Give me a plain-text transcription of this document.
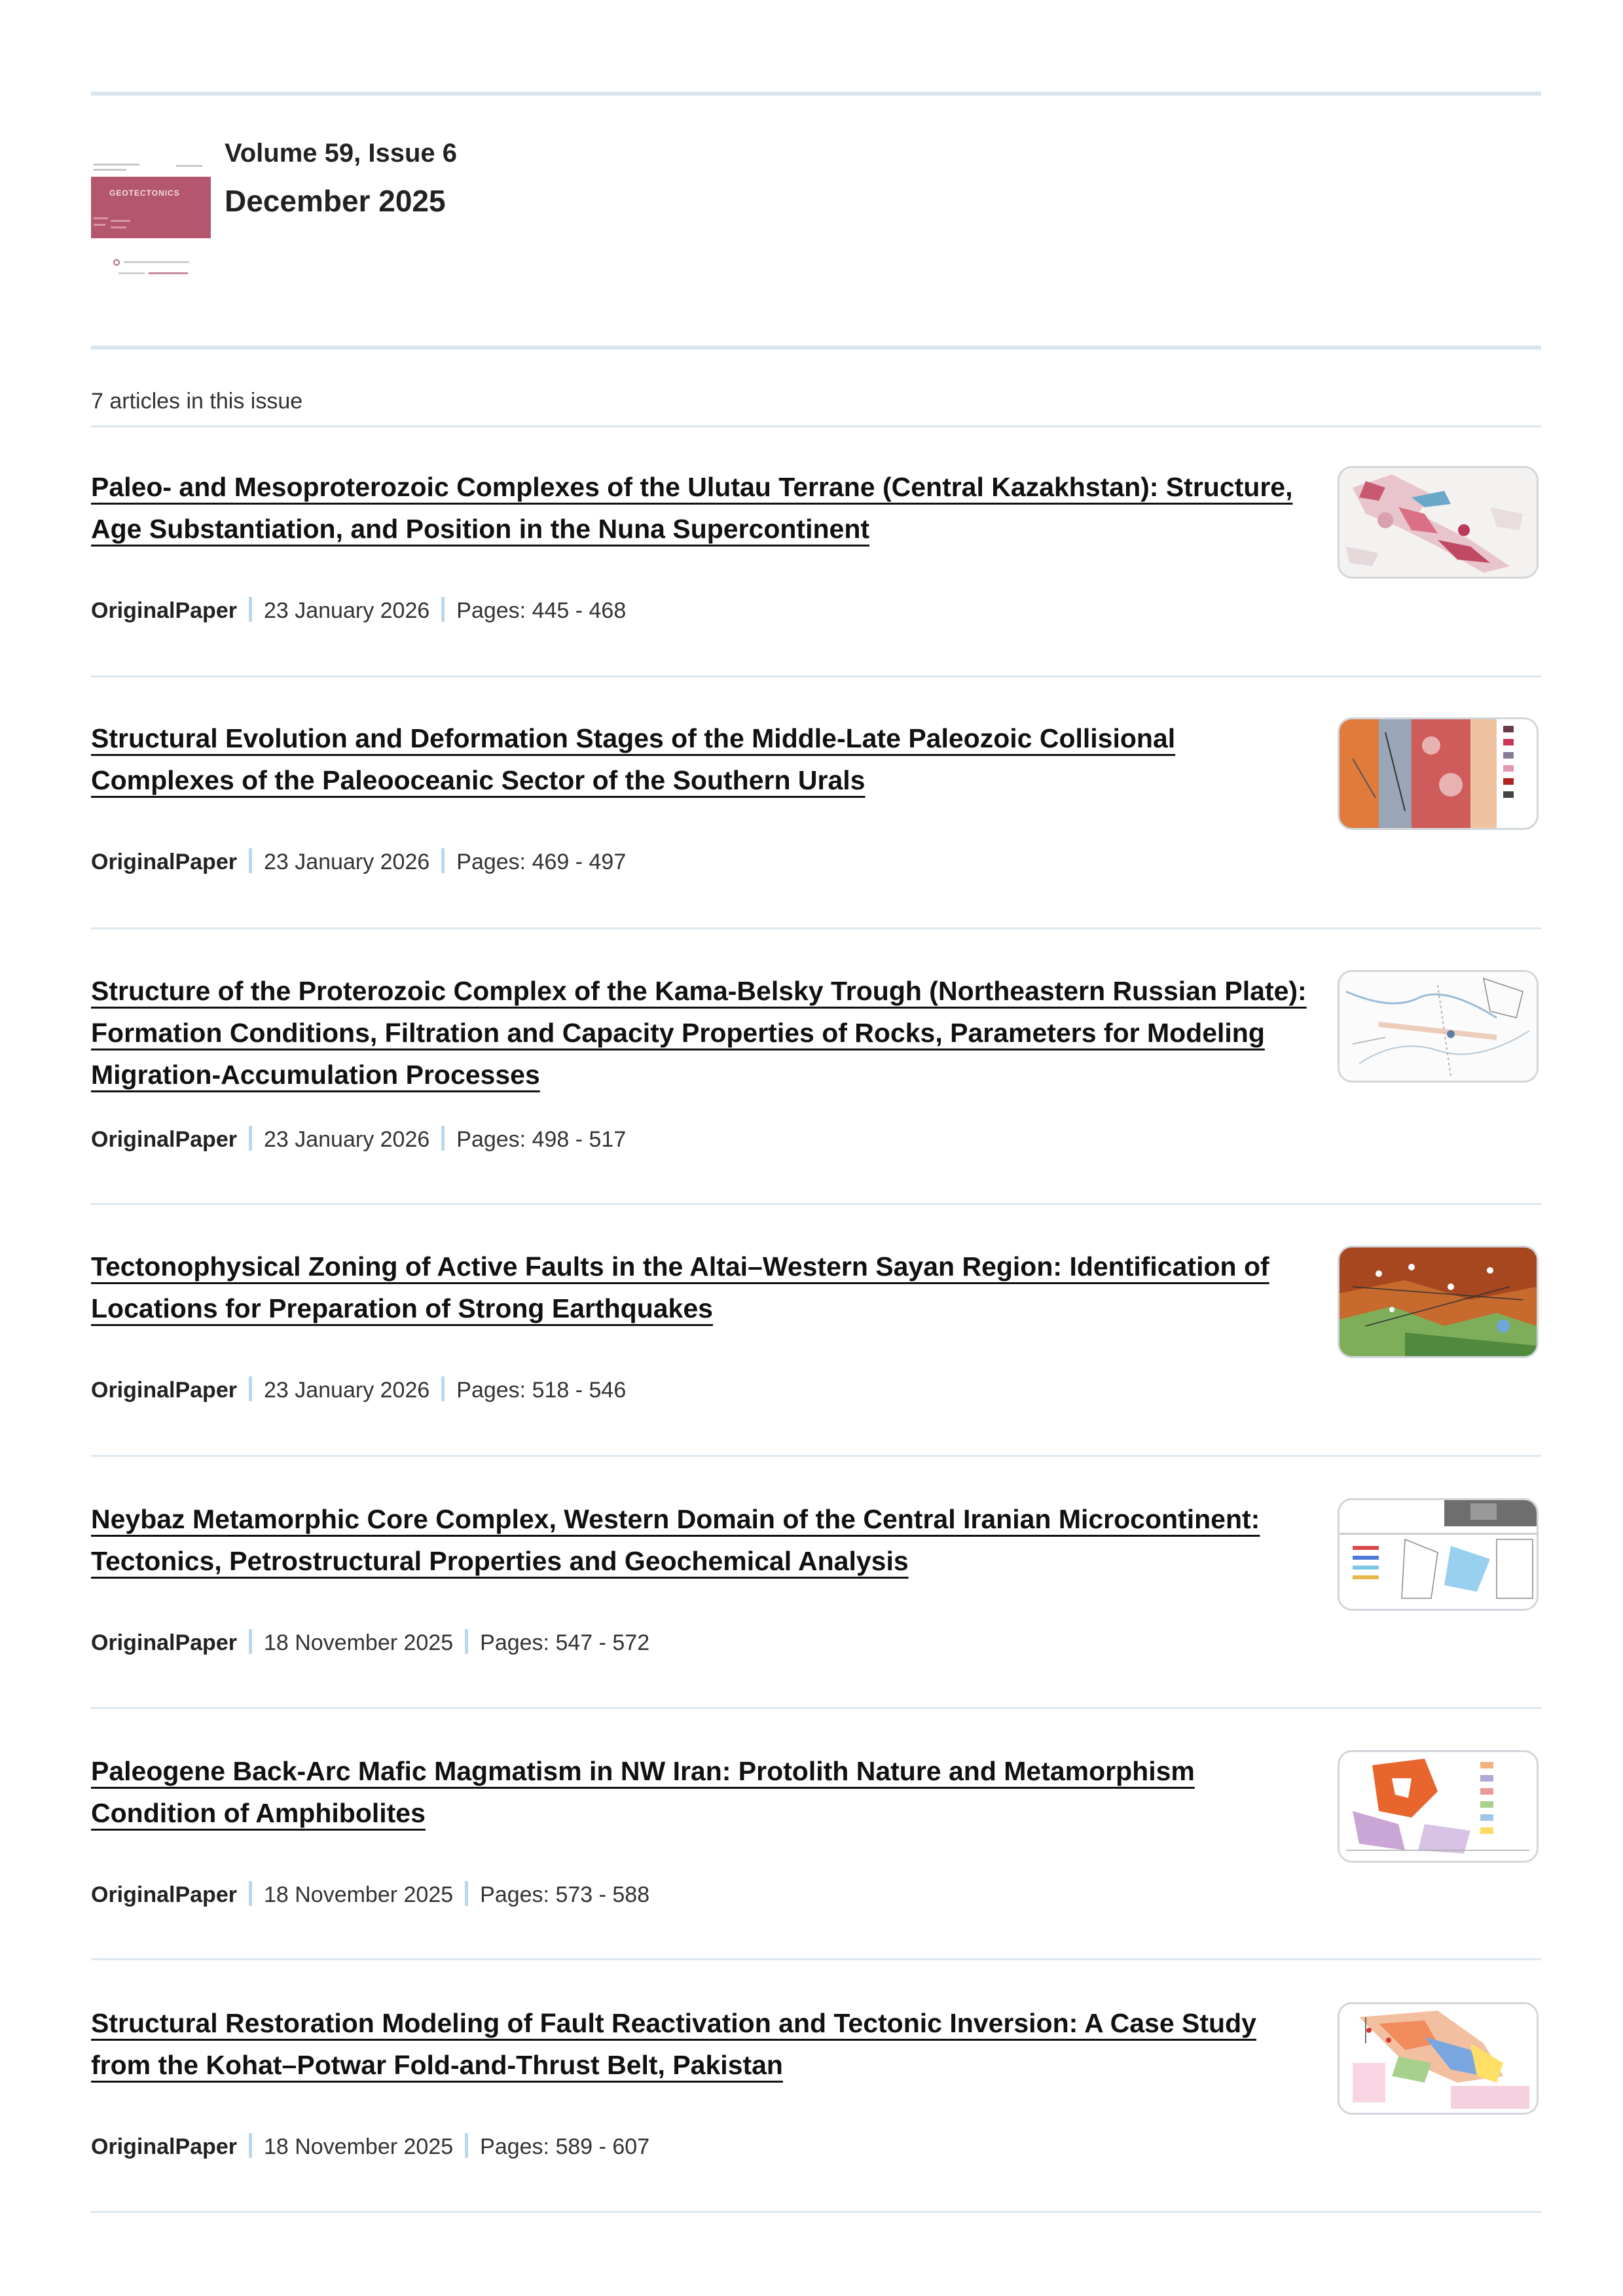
GEOTECTONICS
Volume 59, Issue 6
December 2025
7 articles in this issue
Paleo- and Mesoproterozoic Complexes of the Ulutau Terrane (Central Kazakhstan): Structure, Age Substantiation, and Position in the Nuna Supercontinent
OriginalPaper 23 January 2026 Pages: 445 - 468
Structural Evolution and Deformation Stages of the Middle-Late Paleozoic Collisional Complexes of the Paleooceanic Sector of the Southern Urals
OriginalPaper 23 January 2026 Pages: 469 - 497
Structure of the Proterozoic Complex of the Kama-Belsky Trough (Northeastern Russian Plate): Formation Conditions, Filtration and Capacity Properties of Rocks, Parameters for Modeling Migration-Accumulation Processes
OriginalPaper 23 January 2026 Pages: 498 - 517
Tectonophysical Zoning of Active Faults in the Altai–Western Sayan Region: Identification of Locations for Preparation of Strong Earthquakes
OriginalPaper 23 January 2026 Pages: 518 - 546
Neybaz Metamorphic Core Complex, Western Domain of the Central Iranian Microcontinent: Tectonics, Petrostructural Properties and Geochemical Analysis
OriginalPaper 18 November 2025 Pages: 547 - 572
Paleogene Back-Arc Mafic Magmatism in NW Iran: Protolith Nature and Metamorphism Condition of Amphibolites
OriginalPaper 18 November 2025 Pages: 573 - 588
Structural Restoration Modeling of Fault Reactivation and Tectonic Inversion: A Case Study from the Kohat–Potwar Fold-and-Thrust Belt, Pakistan
OriginalPaper 18 November 2025 Pages: 589 - 607
